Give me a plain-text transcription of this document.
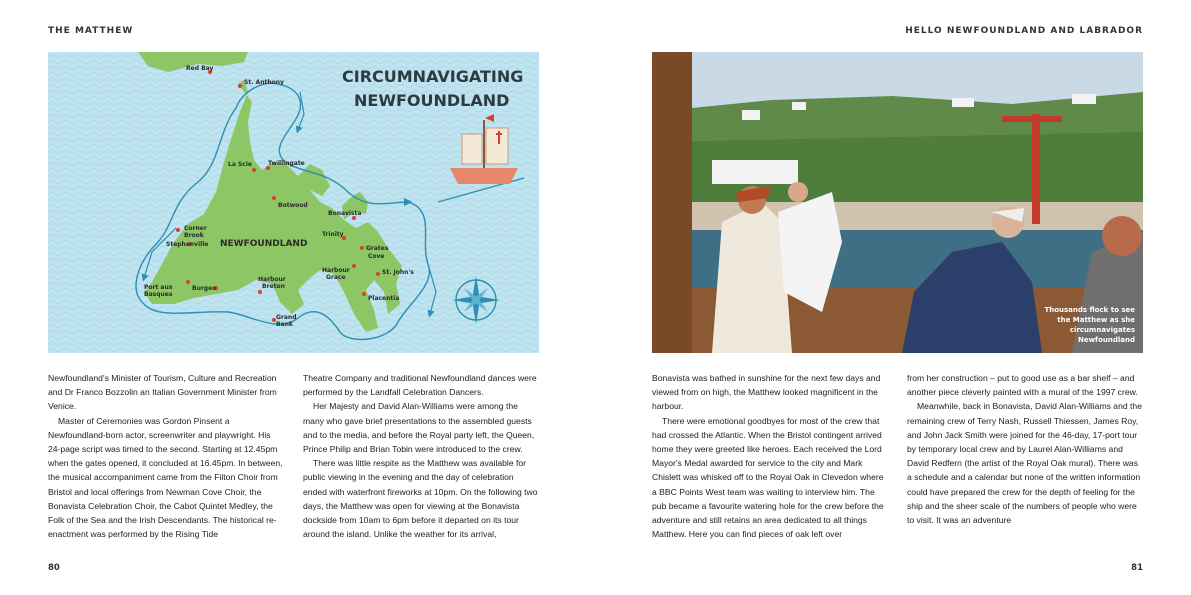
THE MATTHEW
Red Bay
St. Anthony
La Scie	Twillingate
Botwood
Bonavista
Corner
Brook
Stephenville
Trinity
Grates
Cove
Harbour
Grace
St. John's
Harbour
Breton
Port aux
Basques
Burgeo
Placentia
Grand
Bank
NEWFOUNDLAND
CIRCUMNAVIGATING
NEWFOUNDLAND

Newfoundland's Minister of Tourism, Culture and Recreation and Dr Franco Bozzolin an Italian Government Minister from Venice.

Master of Ceremonies was Gordon Pinsent a Newfoundland-born actor, screenwriter and playwright. His 24-page script was timed to the second. Starting at 12.45pm when the gates opened, it concluded at 16.45pm. In between, the musical accompaniment came from the Filton Choir from Bristol and local offerings from Newman Cove Choir, the Bonavista Celebration Choir, the Cabot Quintet Medley, the Folk of the Sea and the Irish Descendants. The historical re-enactment was performed by the Rising Tide

Theatre Company and traditional Newfoundland dances were performed by the Landfall Celebration Dancers.

Her Majesty and David Alan-Williams were among the many who gave brief presentations to the assembled guests and to the media, and before the Royal party left, the Queen, Prince Philip and Brian Tobin were introduced to the crew.

There was little respite as the Matthew was available for public viewing in the evening and the day of celebration ended with waterfront fireworks at 10pm. On the following two days, the Matthew was open for viewing at the Bonavista dockside from 10am to 6pm before it departed on its tour around the island. Unlike the weather for its arrival,

80
HELLO NEWFOUNDLAND AND LABRADOR
Thousands flock to see the Matthew as she circumnavigates Newfoundland

Bonavista was bathed in sunshine for the next few days and viewed from on high, the Matthew looked magnificent in the harbour.

There were emotional goodbyes for most of the crew that had crossed the Atlantic. When the Bristol contingent arrived home they were greeted like heroes. Each received the Lord Mayor's Medal awarded for service to the city and Mark Chislett was whisked off to the Royal Oak in Clevedon where a BBC Points West team was waiting to interview him. The pub became a favourite watering hole for the crew before the adventure and still retains an area dedicated to all things Matthew. Here you can find pieces of oak left over

from her construction – put to good use as a bar shelf – and another piece cleverly painted with a mural of the 1997 crew.

Meanwhile, back in Bonavista, David Alan-Williams and the remaining crew of Terry Nash, Russell Thiessen, James Roy, and John Jack Smith were joined for the 46-day, 17-port tour by temporary local crew and by Laurel Alan-Williams and David Redfern (the artist of the Royal Oak mural). There was a schedule and a calendar but none of the written information could have prepared the crew for the depth of feeling for the ship and the sheer scale of the numbers of people who were to visit. It was an adventure

81
